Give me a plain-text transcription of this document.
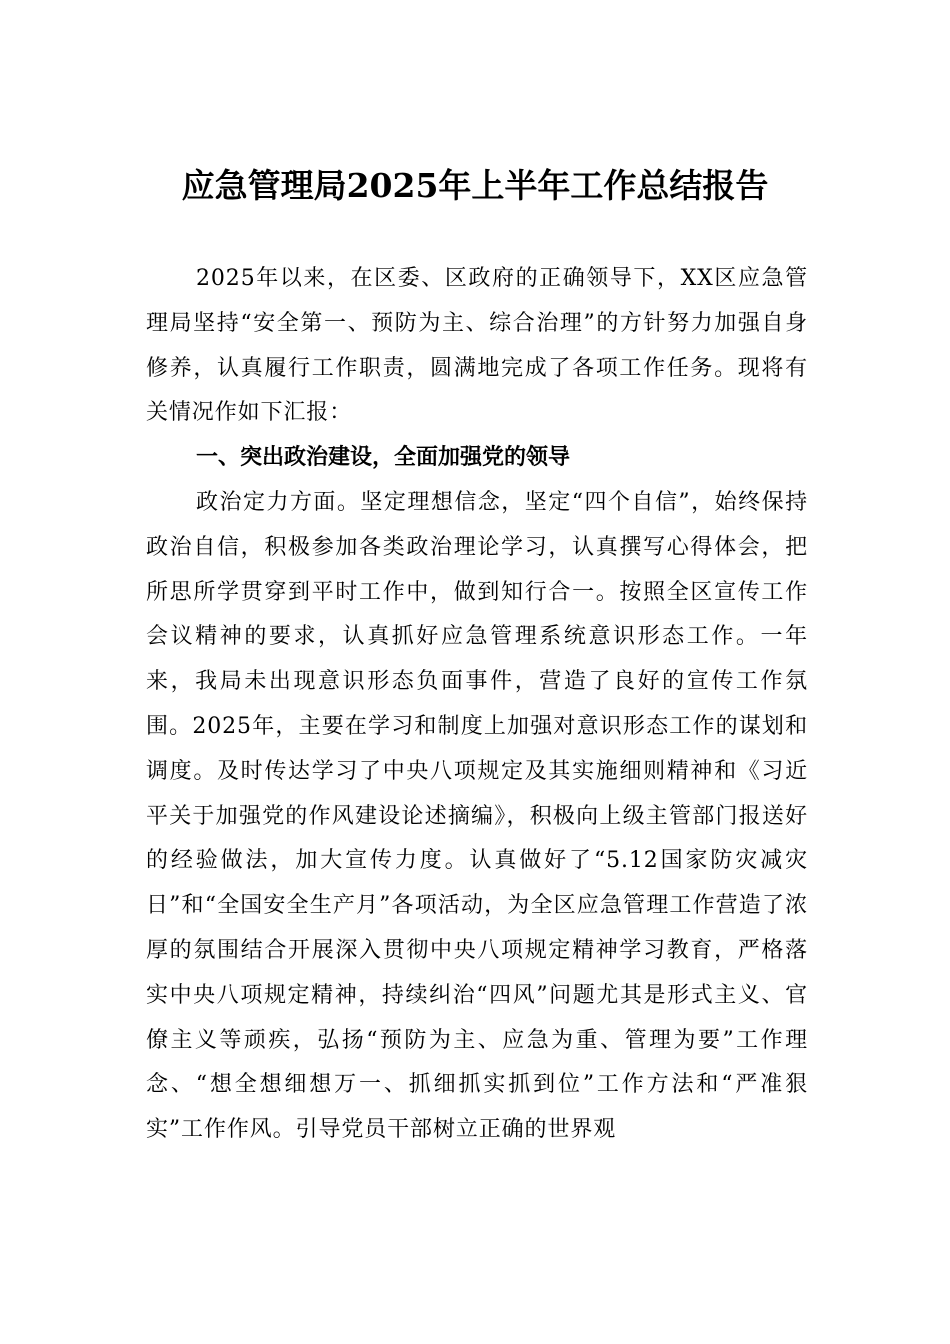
应急管理局2025年上半年工作总结报告
2025年以来，在区委、区政府的正确领导下，XX区应急管理局坚持“安全第一、预防为主、综合治理”的方针努力加强自身修养，认真履行工作职责，圆满地完成了各项工作任务。现将有关情况作如下汇报：
一、突出政治建设，全面加强党的领导
政治定力方面。坚定理想信念，坚定“四个自信”，始终保持政治自信，积极参加各类政治理论学习，认真撰写心得体会，把所思所学贯穿到平时工作中，做到知行合一。按照全区宣传工作会议精神的要求，认真抓好应急管理系统意识形态工作。一年来，我局未出现意识形态负面事件，营造了良好的宣传工作氛围。2025年，主要在学习和制度上加强对意识形态工作的谋划和调度。及时传达学习了中央八项规定及其实施细则精神和《习近平关于加强党的作风建设论述摘编》，积极向上级主管部门报送好的经验做法，加大宣传力度。认真做好了“5.12国家防灾减灾日”和“全国安全生产月”各项活动，为全区应急管理工作营造了浓厚的氛围结合开展深入贯彻中央八项规定精神学习教育，严格落实中央八项规定精神，持续纠治“四风”问题尤其是形式主义、官僚主义等顽疾，弘扬“预防为主、应急为重、管理为要”工作理念、“想全想细想万一、抓细抓实抓到位”工作方法和“严准狠实”工作作风。引导党员干部树立正确的世界观
